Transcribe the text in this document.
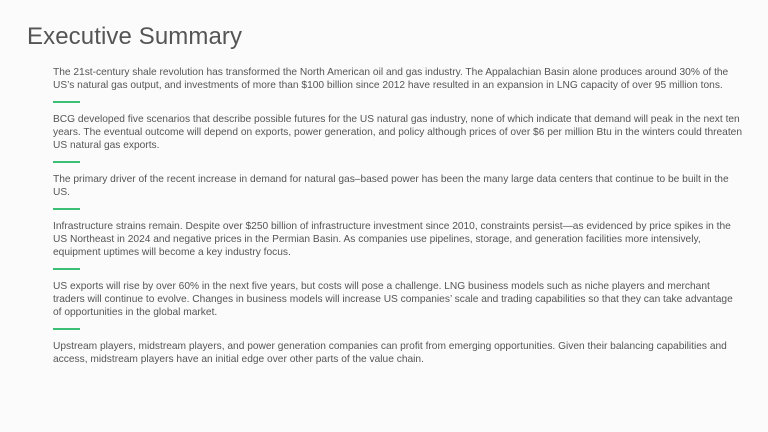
Executive Summary

The 21st-century shale revolution has transformed the North American oil and gas industry. The Appalachian Basin alone produces around 30% of the US’s natural gas output, and investments of more than $100 billion since 2012 have resulted in an expansion in LNG capacity of over 95 million tons.

BCG developed five scenarios that describe possible futures for the US natural gas industry, none of which indicate that demand will peak in the next ten years. The eventual outcome will depend on exports, power generation, and policy although prices of over $6 per million Btu in the winters could threaten US natural gas exports.

The primary driver of the recent increase in demand for natural gas–based power has been the many large data centers that continue to be built in the US.

Infrastructure strains remain. Despite over $250 billion of infrastructure investment since 2010, constraints persist—as evidenced by price spikes in the US Northeast in 2024 and negative prices in the Permian Basin. As companies use pipelines, storage, and generation facilities more intensively, equipment uptimes will become a key industry focus.

US exports will rise by over 60% in the next five years, but costs will pose a challenge. LNG business models such as niche players and merchant traders will continue to evolve. Changes in business models will increase US companies’ scale and trading capabilities so that they can take advantage of opportunities in the global market.

Upstream players, midstream players, and power generation companies can profit from emerging opportunities. Given their balancing capabilities and access, midstream players have an initial edge over other parts of the value chain.
